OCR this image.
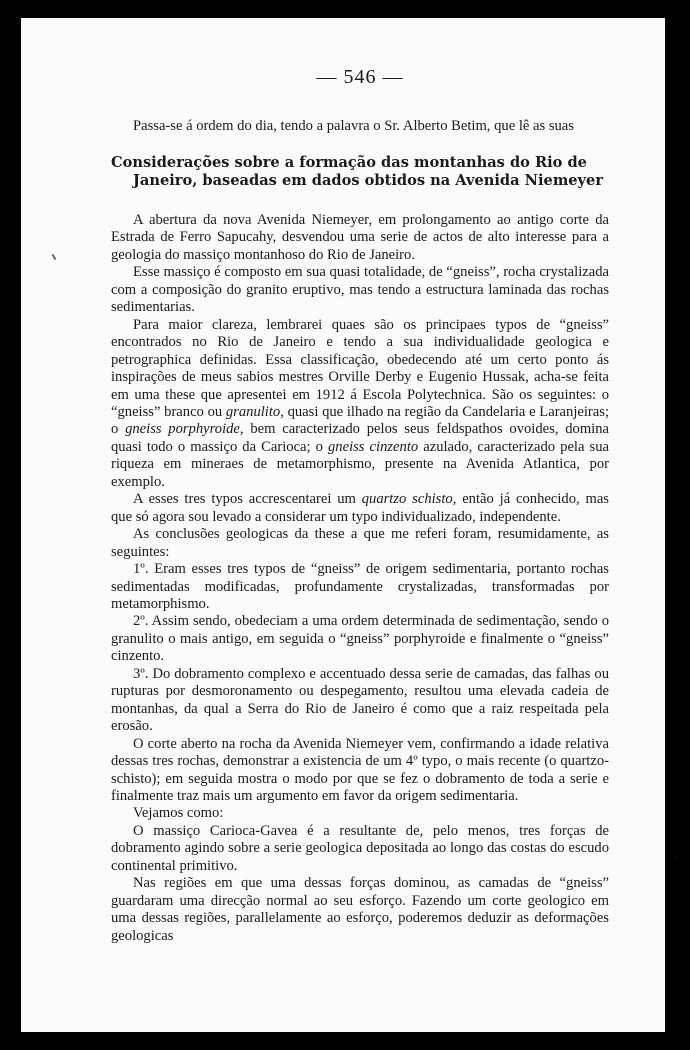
— 546 —

Passa-se á ordem do dia, tendo a palavra o Sr. Alberto Betim, que lê as suas

Considerações sobre a formação das montanhas do Rio de
Janeiro, baseadas em dados obtidos na Avenida Niemeyer

A abertura da nova Avenida Niemeyer, em prolongamento ao antigo corte da Estrada de Ferro Sapucahy, desvendou uma serie de actos de alto interesse para a geologia do massiço montanhoso do Rio de Janeiro.

Esse massiço é composto em sua quasi totalidade, de “gneiss”, rocha crystalizada com a composição do granito eruptivo, mas tendo a estructura laminada das rochas sedimentarias.

Para maior clareza, lembrarei quaes são os principaes typos de “gneiss” encontrados no Rio de Janeiro e tendo a sua individualidade geologica e petrographica definidas. Essa classificação, obedecendo até um certo ponto ás inspirações de meus sabios mestres Orville Derby e Eugenio Hussak, acha-se feita em uma these que apresentei em 1912 á Escola Polytechnica. São os seguintes: o “gneiss” branco ou granulito, quasi que ilhado na região da Candelaria e Laranjeiras; o gneiss porphyroide, bem caracterizado pelos seus feldspathos ovoides, domina quasi todo o massiço da Carioca; o gneiss cinzento azulado, caracterizado pela sua riqueza em mineraes de metamorphismo, presente na Avenida Atlantica, por exemplo.

A esses tres typos accrescentarei um quartzo schisto, então já conhecido, mas que só agora sou levado a considerar um typo individualizado, independente.

As conclusões geologicas da these a que me referi foram, resumidamente, as seguintes:

1º. Eram esses tres typos de “gneiss” de origem sedimentaria, portanto rochas sedimentadas modificadas, profundamente crystalizadas, transformadas por metamorphismo.

2º. Assim sendo, obedeciam a uma ordem determinada de sedimentação, sendo o granulito o mais antigo, em seguida o “gneiss” porphyroide e finalmente o “gneiss” cinzento.

3º. Do dobramento complexo e accentuado dessa serie de camadas, das falhas ou rupturas por desmoronamento ou despegamento, resultou uma elevada cadeia de montanhas, da qual a Serra do Rio de Janeiro é como que a raiz respeitada pela erosão.

O corte aberto na rocha da Avenida Niemeyer vem, confirmando a idade relativa dessas tres rochas, demonstrar a existencia de um 4º typo, o mais recente (o quartzo-schisto); em seguida mostra o modo por que se fez o dobramento de toda a serie e finalmente traz mais um argumento em favor da origem sedimentaria.

Vejamos como:

O massiço Carioca-Gavea é a resultante de, pelo menos, tres forças de dobramento agindo sobre a serie geologica depositada ao longo das costas do escudo continental primitivo.

Nas regiões em que uma dessas forças dominou, as camadas de “gneiss” guardaram uma direcção normal ao seu esforço. Fazendo um corte geologico em uma dessas regiões, parallelamente ao esforço, poderemos deduzir as deformações geologicas

•
